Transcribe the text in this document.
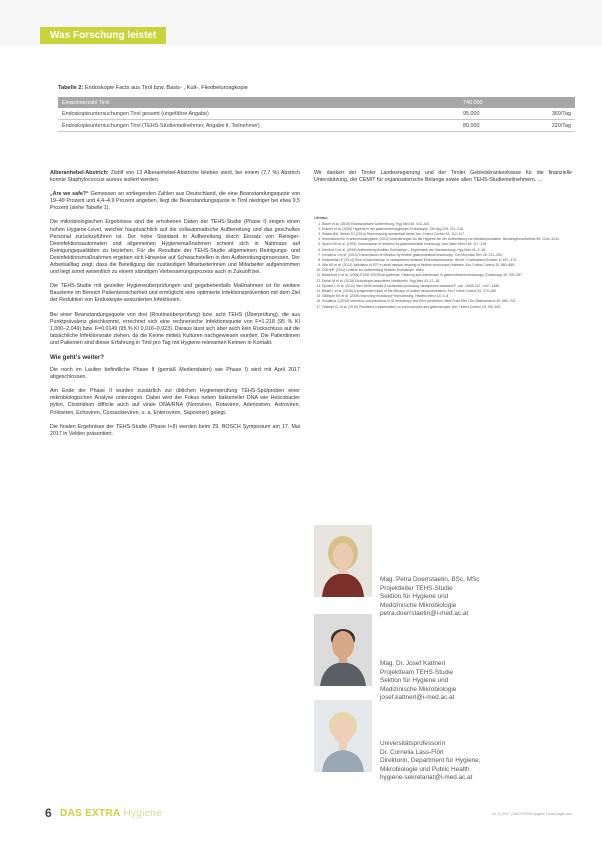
Was Forschung leistet
Tabelle 2: Endoskopie Facts aus Tirol bzw. Basis- , Kult-, Flexibelurosgkopie
Einwohnerzahl Tirol	740.000	
Endoskopieuntersuchungen Tirol gesamt (ungefähre Angabe)	95.000	360/Tag
Endoskopieuntersuchungen Tirol (TEHS-Studienteilnehmer, Angabe lt. Teilnehmer)	80.000	220/Tag

Alberanhebel-Abstrich: Zwölf von 13 Alberanhebel-Abstriche blieben steril, bei einem (7,7 %) Abstrich konnte Staphylococcus aureus isoliert werden.

„Are we safe?“ Gemessen an vorliegenden Zahlen aus Deutschland, die eine Beanstandungsquote von 19–49 Prozent und 4,4–4,9 Prozent angeben, liegt die Beanstandungsquote in Tirol niedriger bei etwa 9,5 Prozent (siehe Tabelle 1).

Die mikrobiologischen Ergebnisse sind die erhobenen Daten der TEHS-Studie (Phase I) zeigen einen hohen Hygiene-Level, welcher hauptsächlich auf die vollautomatische Aufbereitung und das geschultes Personal zurückzuführen ist. Der hohe Standard in Aufbereitung durch Einsatz von Reiniger-Desinfektionsautomaten und allgemeinen Hygienemaßnahmen scheint sich in Nahmass auf Reinigungsqualitäten zu beziehen. Für die Resultate der TEHS-Studie allgemeinen Reinigungs- und Desinfektionsmaßnahmen ergeben sich Hinweise auf Schwachstellen in den Aufbereitungsprozessen. Der Arbeitsalltag zeigt, dass die Beteiligung der zuständigen Mitarbeiterinnen und Mitarbeiter aufgenommen und liegt somit wesentlich zu einem ständigen Verbesserungsprozess auch in Zukunft bei.

Die TEHS-Studie mit gezielter Hygieneüberprüfungen und gegebenenfalls Maßnahmen ist für weitere Bausteine im Bereich Patientensicherheit und ermöglicht eine optimierte Infektionsprävention mit dem Ziel der Reduktion von Endoskopie-assoziierten Infektionen.

Bei einer Beanstandungsquote von drei (Routineüberprüfung) bzw. acht TEHS (Überprüfung), die aus Punktprävalenz gleichkommt, errechnet sich eine rechnerische Infektionsquote von F=1.218 (95 % KI 1,000–2,049) bzw. F=0.0149 (95 % KI 0,016–0,023). Daraus lässt sich aber auch kein Rückschluss auf die tatsächliche Infektionsrate ziehen, da die Keime mittels Kulturen nachgewiesen wurden. Die Patientinnen und Patienten sind dieser Erfahrung in Tirol pro Tag mit Hygiene-relevanten Keimen in Kontakt.

Wie geht's weiter?

Die noch im Laufen befindliche Phase II (gemäß Mediendaten) wie Phase I) wird mit April 2017 abgeschlossen.

Am Ende der Phase II wurden zusätzlich zur üblichen Hygieneprüfung TEHS-Spülproben einer mikrobiologischen Analyse unterzogen. Dabei wird der Fokus neben bakterieller DNA wie Helicobacter pylori, Clostridium difficile auch auf virale DNA/RNA (Noroviren, Rotaviren, Adenoviren, Astroviren, Polioviren, Echoviren, Coxsackieviren, u. a. Enteroviren, Sapoviren) gelegt.

Die finalen Ergebnisse der TEHS-Studie (Phase I+II) werden beim 29. BOSCH Symposium am 17. Mai 2017 in Velden präsentiert.

Wir danken der Tiroler Landesregierung und der Tiroler Gebietskrankenkasse für die finanzielle Unterstützung, der CEMIT für organisatorische Belange sowie allen TEHS-Studienteilnehmern. ...

Literatur
1. Bauer et al. (2015) Endoskopische Aufbereitung. Hyg Med 40: 413–420.
2. Kramer et al. (2006) Hygiene in der gastroenterologischen Endoskopie. Zbl Hyg 209: 211–218.
3. Rutala WA, Weber DJ (2014) Reprocessing semicritical items. Am J Infect Control 42: 112–117.
4. Kommission für Krankenhaushygiene (2012) Anforderungen an die Hygiene bei der Aufbereitung von Medizinprodukten. Bundesgesundheitsbl 55: 1244–1310.
5. Spach DH et al. (1993) Transmission of infection by gastrointestinal endoscopy. Ann Intern Med 118: 117–128.
6. Heudorf U et al. (2016) Aufbereitung flexibler Endoskope – Ergebnisse der Überwachung. Hyg Med 41: 9–18.
7. Kovaleva J et al. (2013) Transmission of infection by flexible gastrointestinal endoscopy. Clin Microbiol Rev 26: 231–254.
8. Muscarella LF (2014) Risk of transmission of carbapenem-resistant Enterobacteriaceae. World J Gastrointest Endosc 6: 457–474.
9. Alfa MJ et al. (2012) Validation of ATP to audit manual cleaning of flexible endoscope channels. Am J Infect Control 40: 860–865.
10. ÖGHMP (2011) Leitlinie zur Aufbereitung flexibler Endoskope. Wien.
11. Beilenhoff U et al. (2008) ESGE-ESGENA guideline: Cleaning and disinfection in gastrointestinal endoscopy. Endoscopy 40: 939–957.
12. Dirlich M et al. (2018) Endoskopie-assoziierte Infektionen. Hyg Med 43: 12–18.
13. Epstein L et al. (2014) New Delhi metallo-β-lactamase-producing carbapenem-resistant E. coli. JAMA 312: 1447–1455.
14. Bisset L et al. (2006) A prospective study of the efficacy of routine decontamination. Am J Infect Control 34: 274–280.
15. Gillespie EE et al. (2008) Improving endoscope reprocessing. Healthc Infect 13: 3–8.
16. Kovaleva J (2016) Infectious complications in GI endoscopy and their prevention. Best Pract Res Clin Gastroenterol 30: 689–704.
17. Ofstead CL et al. (2015) Persistent contamination on colonoscopes and gastroscopes. Am J Infect Control 43: 794–801.
Mag. Petra Doerrstaetin, BSc, MSc
Projektleiter TEHS-Studie
Sektion für Hygiene und
Medizinische Mikrobiologie
petra.doerrstaetin@i-med.ac.at
Mag. Dr. Josef Kattnerl
Projektteam TEHS-Studie
Sektion für Hygiene und
Medizinische Mikrobiologie
josef.kattnerl@i-med.ac.at
Universitätsprofessorin
Dr. Cornelia Lass-Flörl
Direktorin, Department für Hygiene,
Mikrobiologie und Public Health
hygiene-sekretariat@i-med.ac.at
6 DAS EXTRA Hygiene	Nr. 4 | 2017 | DAS EXTRA Hygiene | www.oegsv.com
